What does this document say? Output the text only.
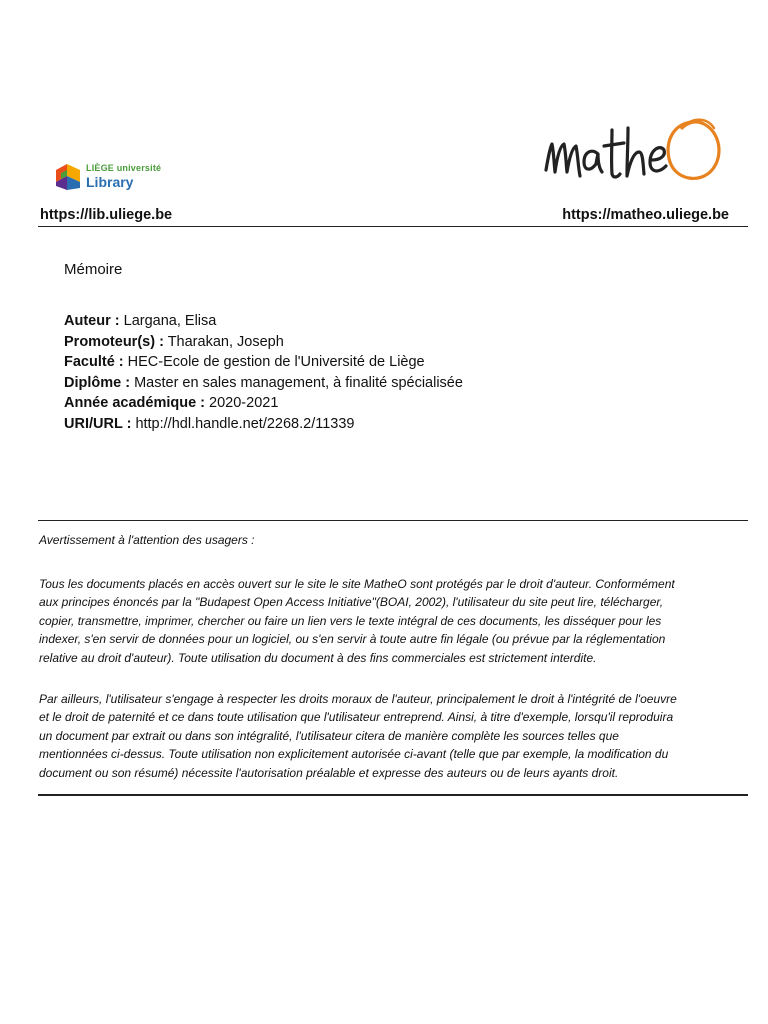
LIÈGE université
Library
https://lib.uliege.be	https://matheo.uliege.be
Mémoire
Auteur : Largana, Elisa
Promoteur(s) : Tharakan, Joseph
Faculté : HEC-Ecole de gestion de l'Université de Liège
Diplôme : Master en sales management, à finalité spécialisée
Année académique : 2020-2021
URI/URL : http://hdl.handle.net/2268.2/11339
Avertissement à l'attention des usagers :
Tous les documents placés en accès ouvert sur le site le site MatheO sont protégés par le droit d'auteur. Conformément
aux principes énoncés par la "Budapest Open Access Initiative"(BOAI, 2002), l'utilisateur du site peut lire, télécharger,
copier, transmettre, imprimer, chercher ou faire un lien vers le texte intégral de ces documents, les disséquer pour les
indexer, s'en servir de données pour un logiciel, ou s'en servir à toute autre fin légale (ou prévue par la réglementation
relative au droit d'auteur). Toute utilisation du document à des fins commerciales est strictement interdite.
Par ailleurs, l'utilisateur s'engage à respecter les droits moraux de l'auteur, principalement le droit à l'intégrité de l'oeuvre
et le droit de paternité et ce dans toute utilisation que l'utilisateur entreprend. Ainsi, à titre d'exemple, lorsqu'il reproduira
un document par extrait ou dans son intégralité, l'utilisateur citera de manière complète les sources telles que
mentionnées ci-dessus. Toute utilisation non explicitement autorisée ci-avant (telle que par exemple, la modification du
document ou son résumé) nécessite l'autorisation préalable et expresse des auteurs ou de leurs ayants droit.
